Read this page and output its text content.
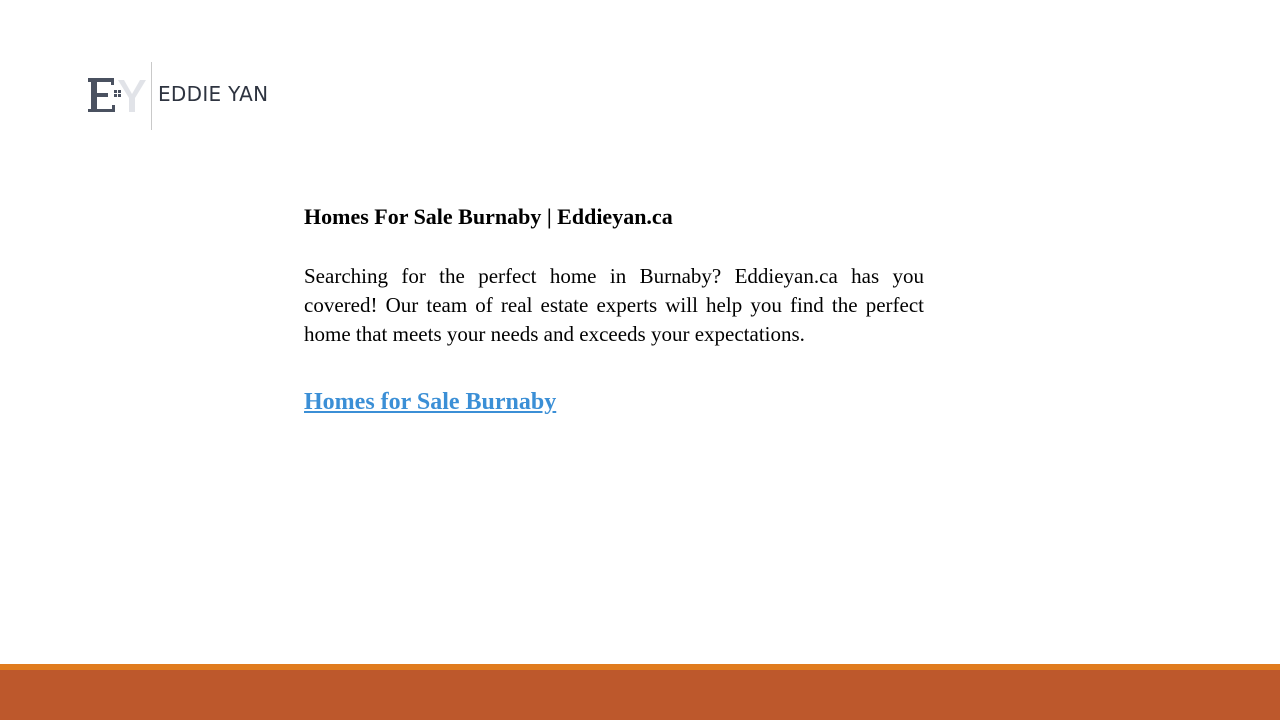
EDDIE YAN
Homes For Sale Burnaby | Eddieyan.ca

Searching for the perfect home in Burnaby? Eddieyan.ca has you covered! Our team of real estate experts will help you find the perfect home that meets your needs and exceeds your expectations.

Homes for Sale Burnaby
